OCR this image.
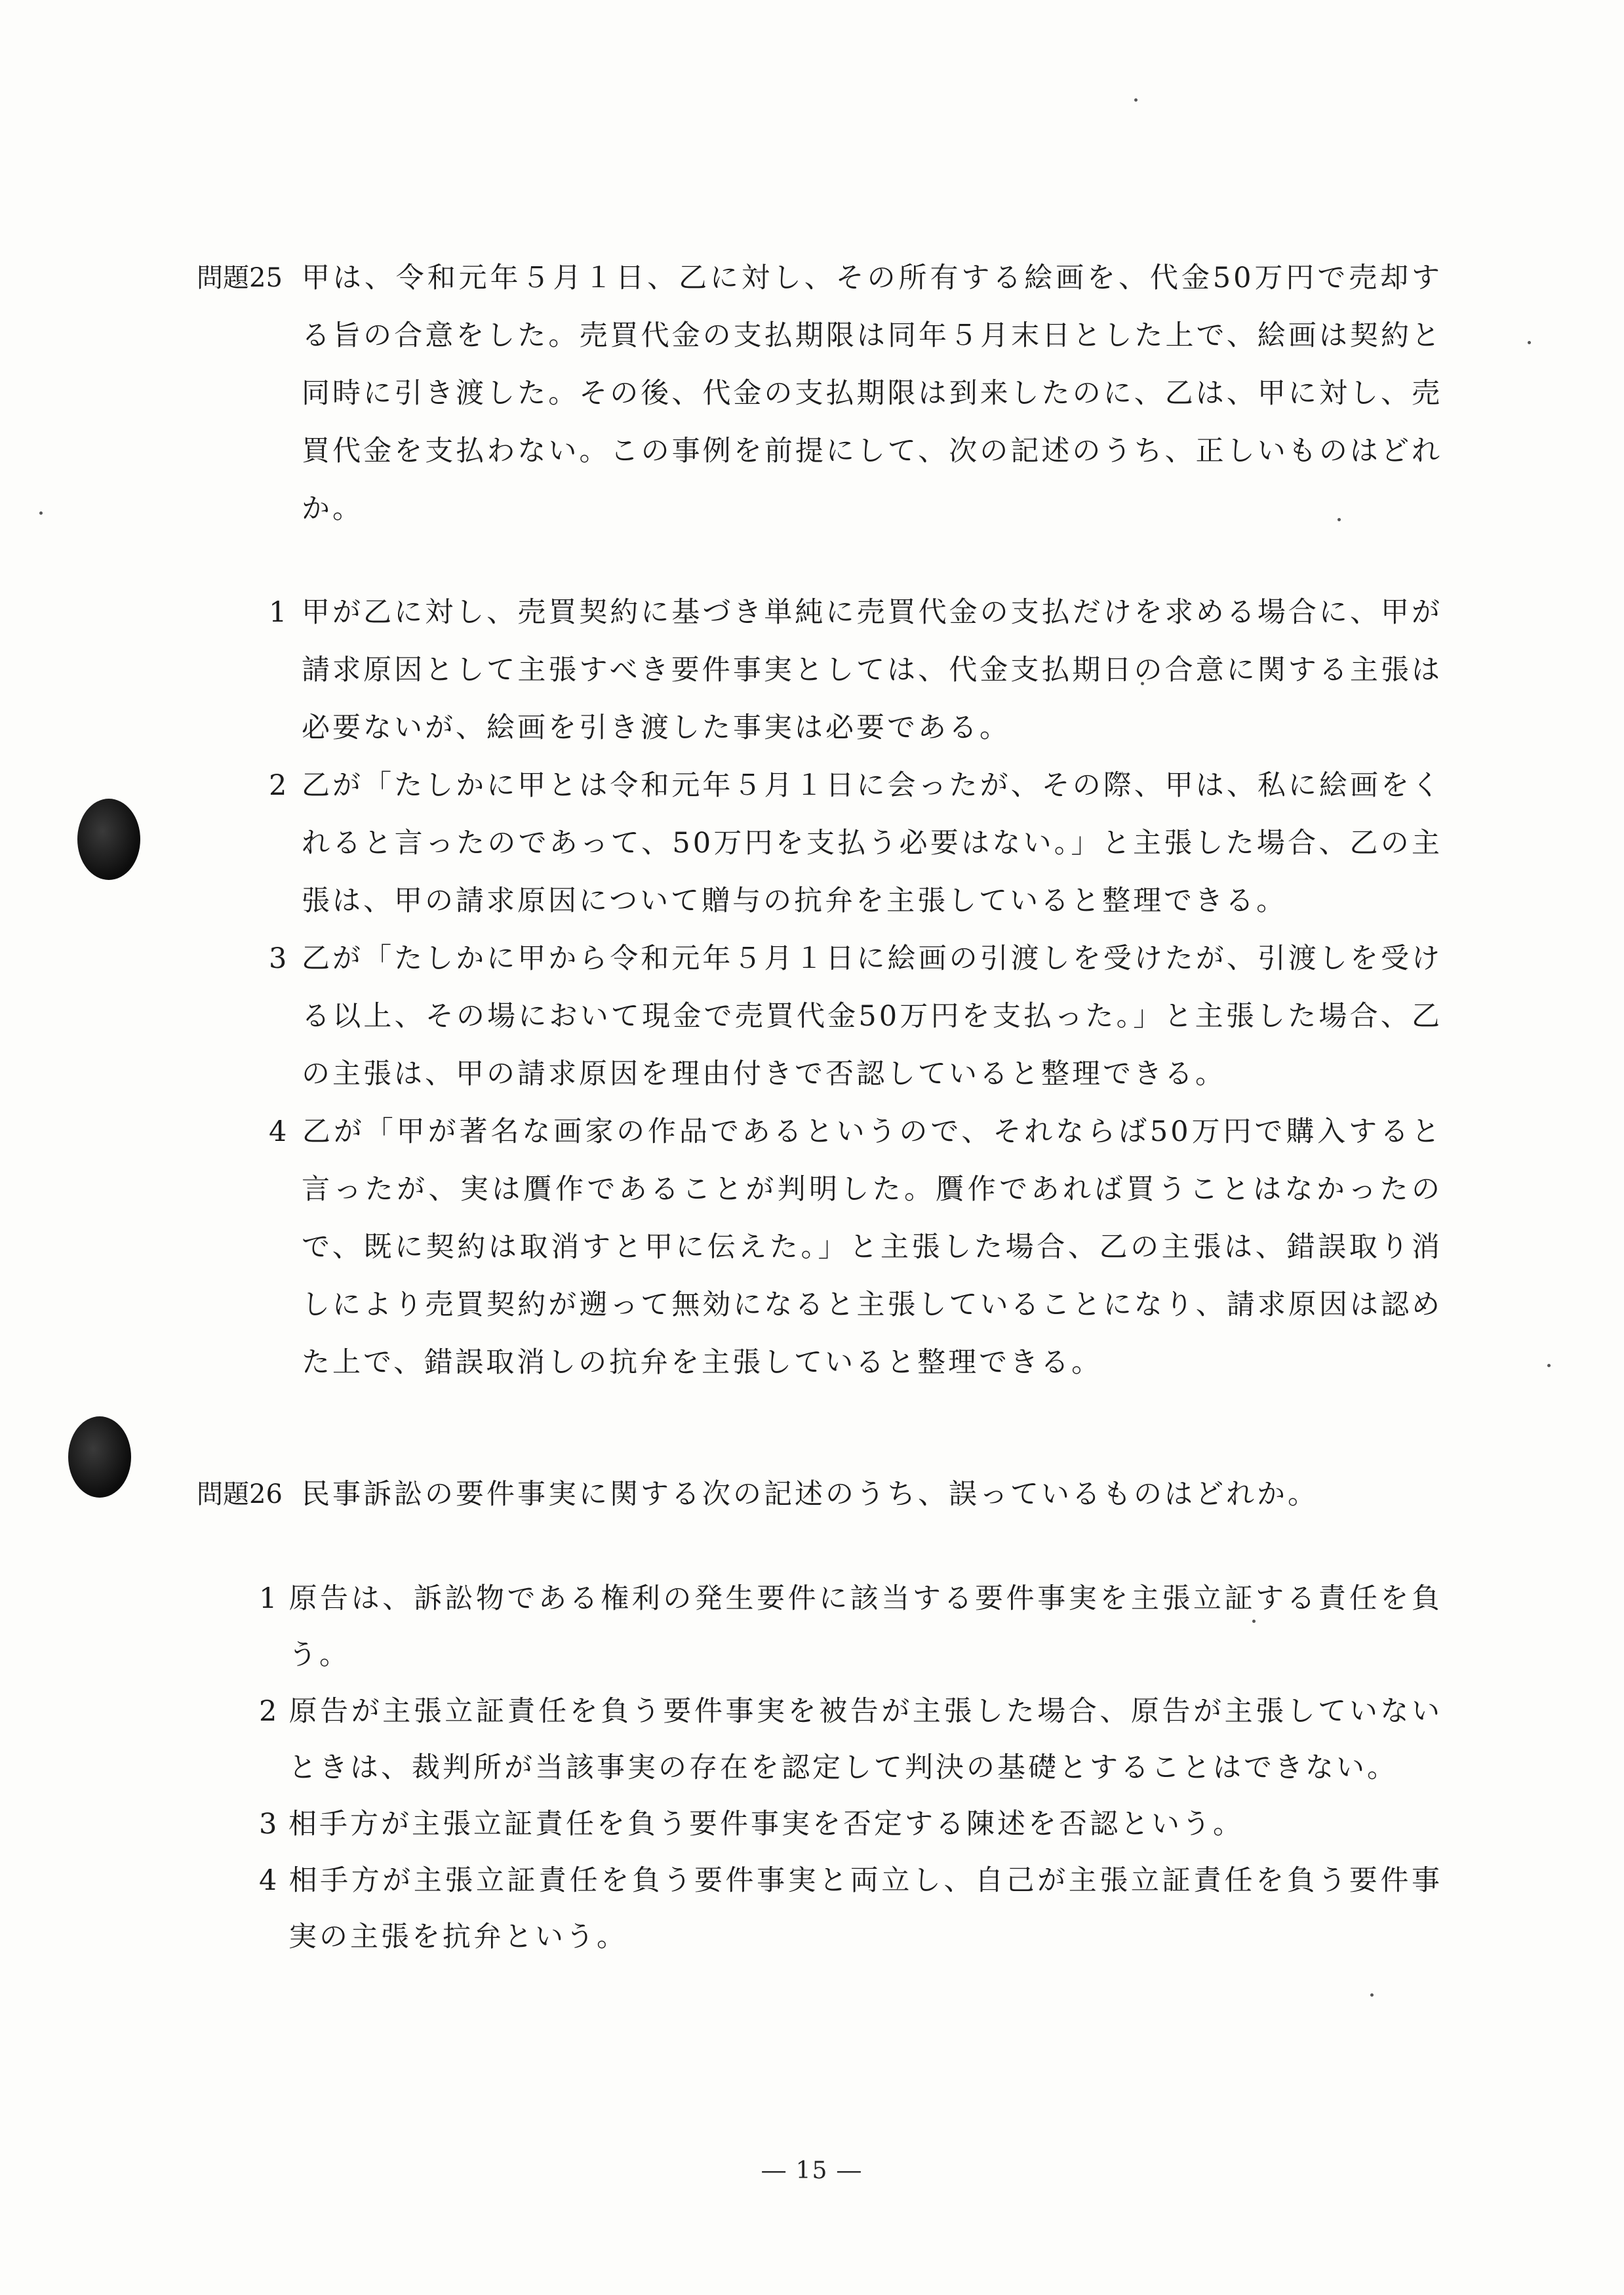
問題25 甲は、令和元年５月１日、乙に対し、その所有する絵画を、代金50万円で売却する旨の合意をした。売買代金の支払期限は同年５月末日とした上で、絵画は契約と同時に引き渡した。その後、代金の支払期限は到来したのに、乙は、甲に対し、売買代金を支払わない。この事例を前提にして、次の記述のうち、正しいものはどれか。
1 甲が乙に対し、売買契約に基づき単純に売買代金の支払だけを求める場合に、甲が請求原因として主張すべき要件事実としては、代金支払期日の合意に関する主張は必要ないが、絵画を引き渡した事実は必要である。
2 乙が「たしかに甲とは令和元年５月１日に会ったが、その際、甲は、私に絵画をくれると言ったのであって、50万円を支払う必要はない。」と主張した場合、乙の主張は、甲の請求原因について贈与の抗弁を主張していると整理できる。
3 乙が「たしかに甲から令和元年５月１日に絵画の引渡しを受けたが、引渡しを受ける以上、その場において現金で売買代金50万円を支払った。」と主張した場合、乙の主張は、甲の請求原因を理由付きで否認していると整理できる。
4 乙が「甲が著名な画家の作品であるというので、それならば50万円で購入すると言ったが、実は贋作であることが判明した。贋作であれば買うことはなかったので、既に契約は取消すと甲に伝えた。」と主張した場合、乙の主張は、錯誤取り消しにより売買契約が遡って無効になると主張していることになり、請求原因は認めた上で、錯誤取消しの抗弁を主張していると整理できる。
問題26 民事訴訟の要件事実に関する次の記述のうち、誤っているものはどれか。
1 原告は、訴訟物である権利の発生要件に該当する要件事実を主張立証する責任を負う。
2 原告が主張立証責任を負う要件事実を被告が主張した場合、原告が主張していないときは、裁判所が当該事実の存在を認定して判決の基礎とすることはできない。
3 相手方が主張立証責任を負う要件事実を否定する陳述を否認という。
4 相手方が主張立証責任を負う要件事実と両立し、自己が主張立証責任を負う要件事実の主張を抗弁という。
― 15 ―
